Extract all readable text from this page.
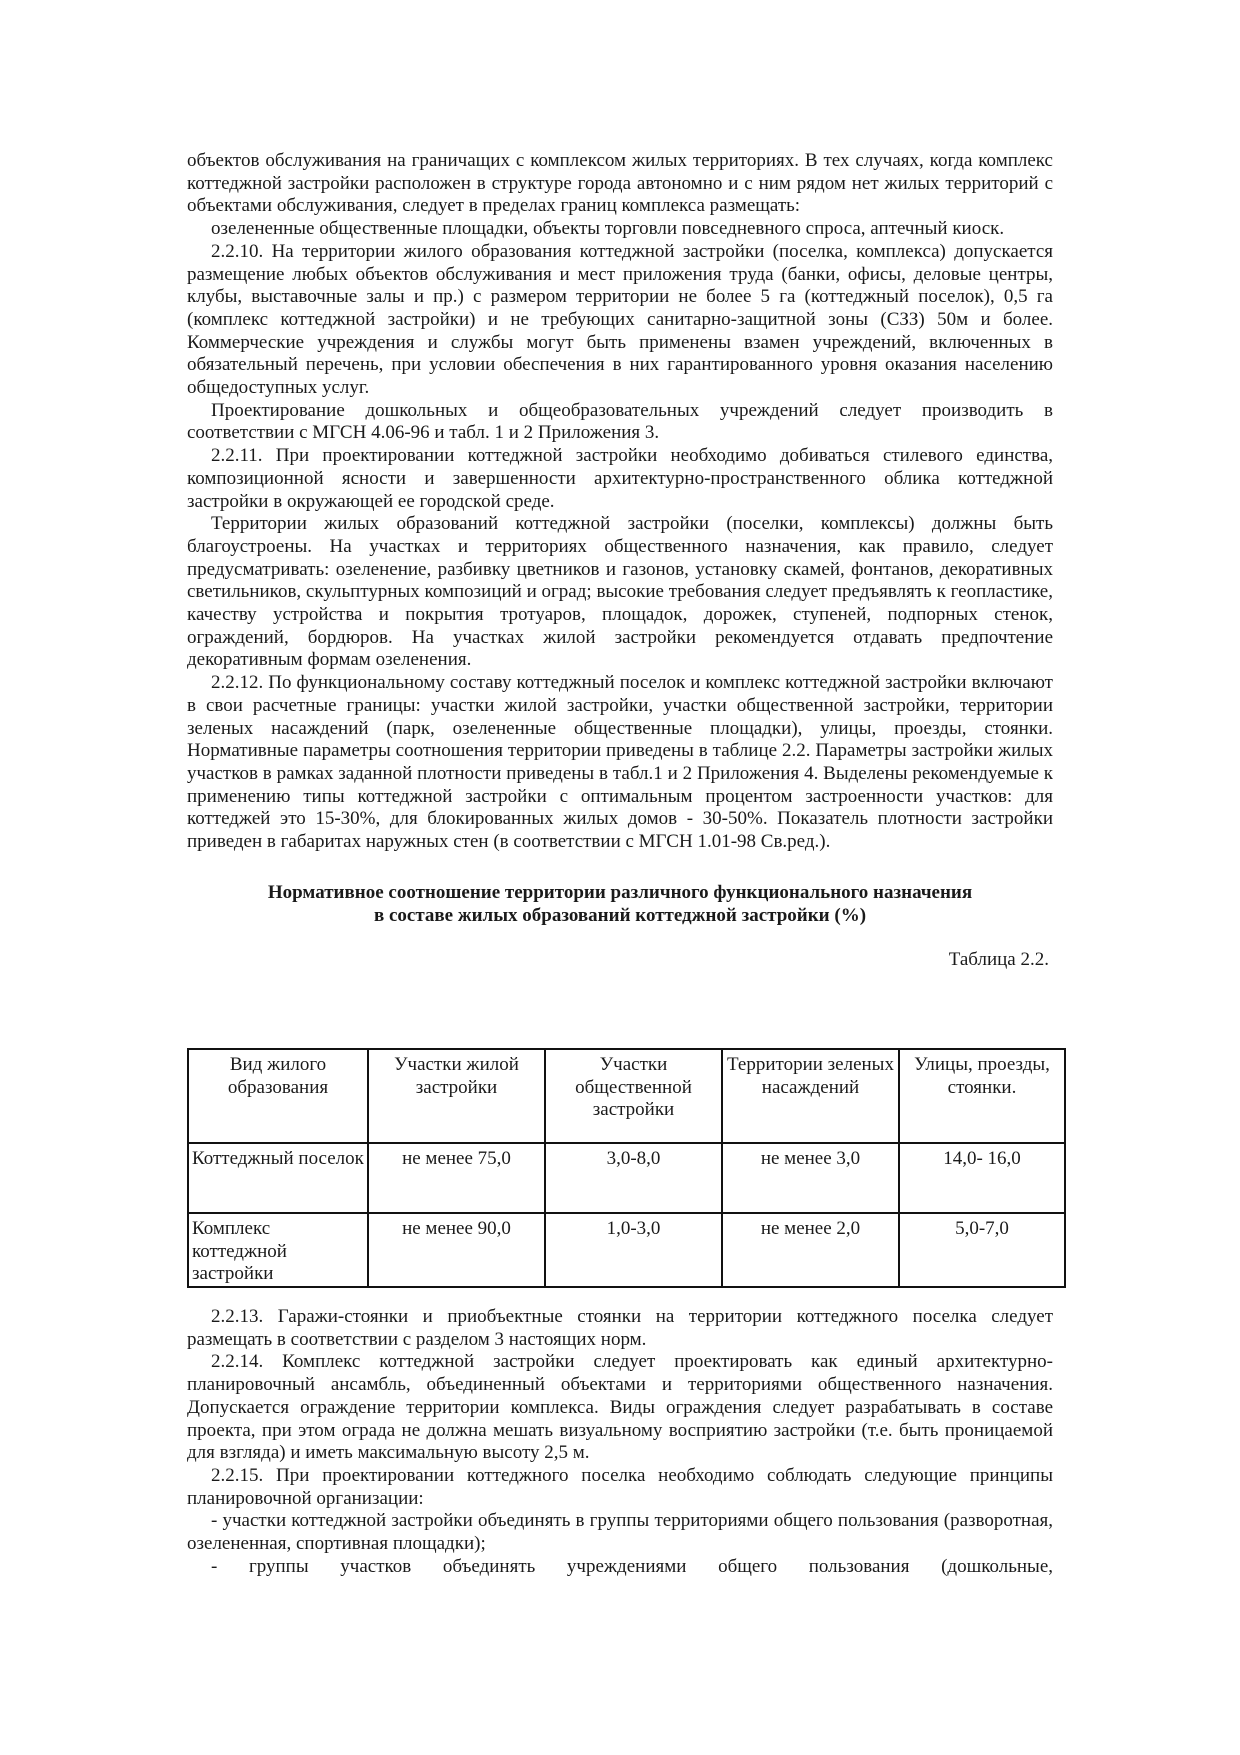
объектов обслуживания на граничащих с комплексом жилых территориях. В тех случаях, когда комплекс коттеджной застройки расположен в структуре города автономно и с ним рядом нет жилых территорий с объектами обслуживания, следует в пределах границ комплекса размещать:

озелененные общественные площадки, объекты торговли повседневного спроса, аптечный киоск.

2.2.10. На территории жилого образования коттеджной застройки (поселка, комплекса) допускается размещение любых объектов обслуживания и мест приложения труда (банки, офисы, деловые центры, клубы, выставочные залы и пр.) с размером территории не более 5 га (коттеджный поселок), 0,5 га (комплекс коттеджной застройки) и не требующих санитарно-защитной зоны (СЗЗ) 50м и более. Коммерческие учреждения и службы могут быть применены взамен учреждений, включенных в обязательный перечень, при условии обеспечения в них гарантированного уровня оказания населению общедоступных услуг.

Проектирование дошкольных и общеобразовательных учреждений следует производить в соответствии с МГСН 4.06-96 и табл. 1 и 2 Приложения 3.

2.2.11. При проектировании коттеджной застройки необходимо добиваться стилевого единства, композиционной ясности и завершенности архитектурно-пространственного облика коттеджной застройки в окружающей ее городской среде.

Территории жилых образований коттеджной застройки (поселки, комплексы) должны быть благоустроены. На участках и территориях общественного назначения, как правило, следует предусматривать: озеленение, разбивку цветников и газонов, установку скамей, фонтанов, декоративных светильников, скульптурных композиций и оград; высокие требования следует предъявлять к геопластике, качеству устройства и покрытия тротуаров, площадок, дорожек, ступеней, подпорных стенок, ограждений, бордюров. На участках жилой застройки рекомендуется отдавать предпочтение декоративным формам озеленения.

2.2.12. По функциональному составу коттеджный поселок и комплекс коттеджной застройки включают в свои расчетные границы: участки жилой застройки, участки общественной застройки, территории зеленых насаждений (парк, озелененные общественные площадки), улицы, проезды, стоянки. Нормативные параметры соотношения территории приведены в таблице 2.2. Параметры застройки жилых участков в рамках заданной плотности приведены в табл.1 и 2 Приложения 4. Выделены рекомендуемые к применению типы коттеджной застройки с оптимальным процентом застроенности участков: для коттеджей это 15-30%, для блокированных жилых домов - 30-50%. Показатель плотности застройки приведен в габаритах наружных стен (в соответствии с МГСН 1.01-98 Св.ред.).

Нормативное соотношение территории различного функционального назначения
в составе жилых образований коттеджной застройки (%)
Таблица 2.2.
Вид жилого образования	Участки жилой застройки	Участки общественной застройки	Территории зеленых насаждений	Улицы, проезды, стоянки.
Коттеджный поселок	не менее 75,0	3,0-8,0	не менее 3,0	14,0- 16,0
Комплекс коттеджной застройки	не менее 90,0	1,0-3,0	не менее 2,0	5,0-7,0

2.2.13. Гаражи-стоянки и приобъектные стоянки на территории коттеджного поселка следует размещать в соответствии с разделом 3 настоящих норм.

2.2.14. Комплекс коттеджной застройки следует проектировать как единый архитектурно-планировочный ансамбль, объединенный объектами и территориями общественного назначения. Допускается ограждение территории комплекса. Виды ограждения следует разрабатывать в составе проекта, при этом ограда не должна мешать визуальному восприятию застройки (т.е. быть проницаемой для взгляда) и иметь максимальную высоту 2,5 м.

2.2.15. При проектировании коттеджного поселка необходимо соблюдать следующие принципы планировочной организации:

- участки коттеджной застройки объединять в группы территориями общего пользования (разворотная, озелененная, спортивная площадки);

- группы участков объединять учреждениями общего пользования (дошкольные,
